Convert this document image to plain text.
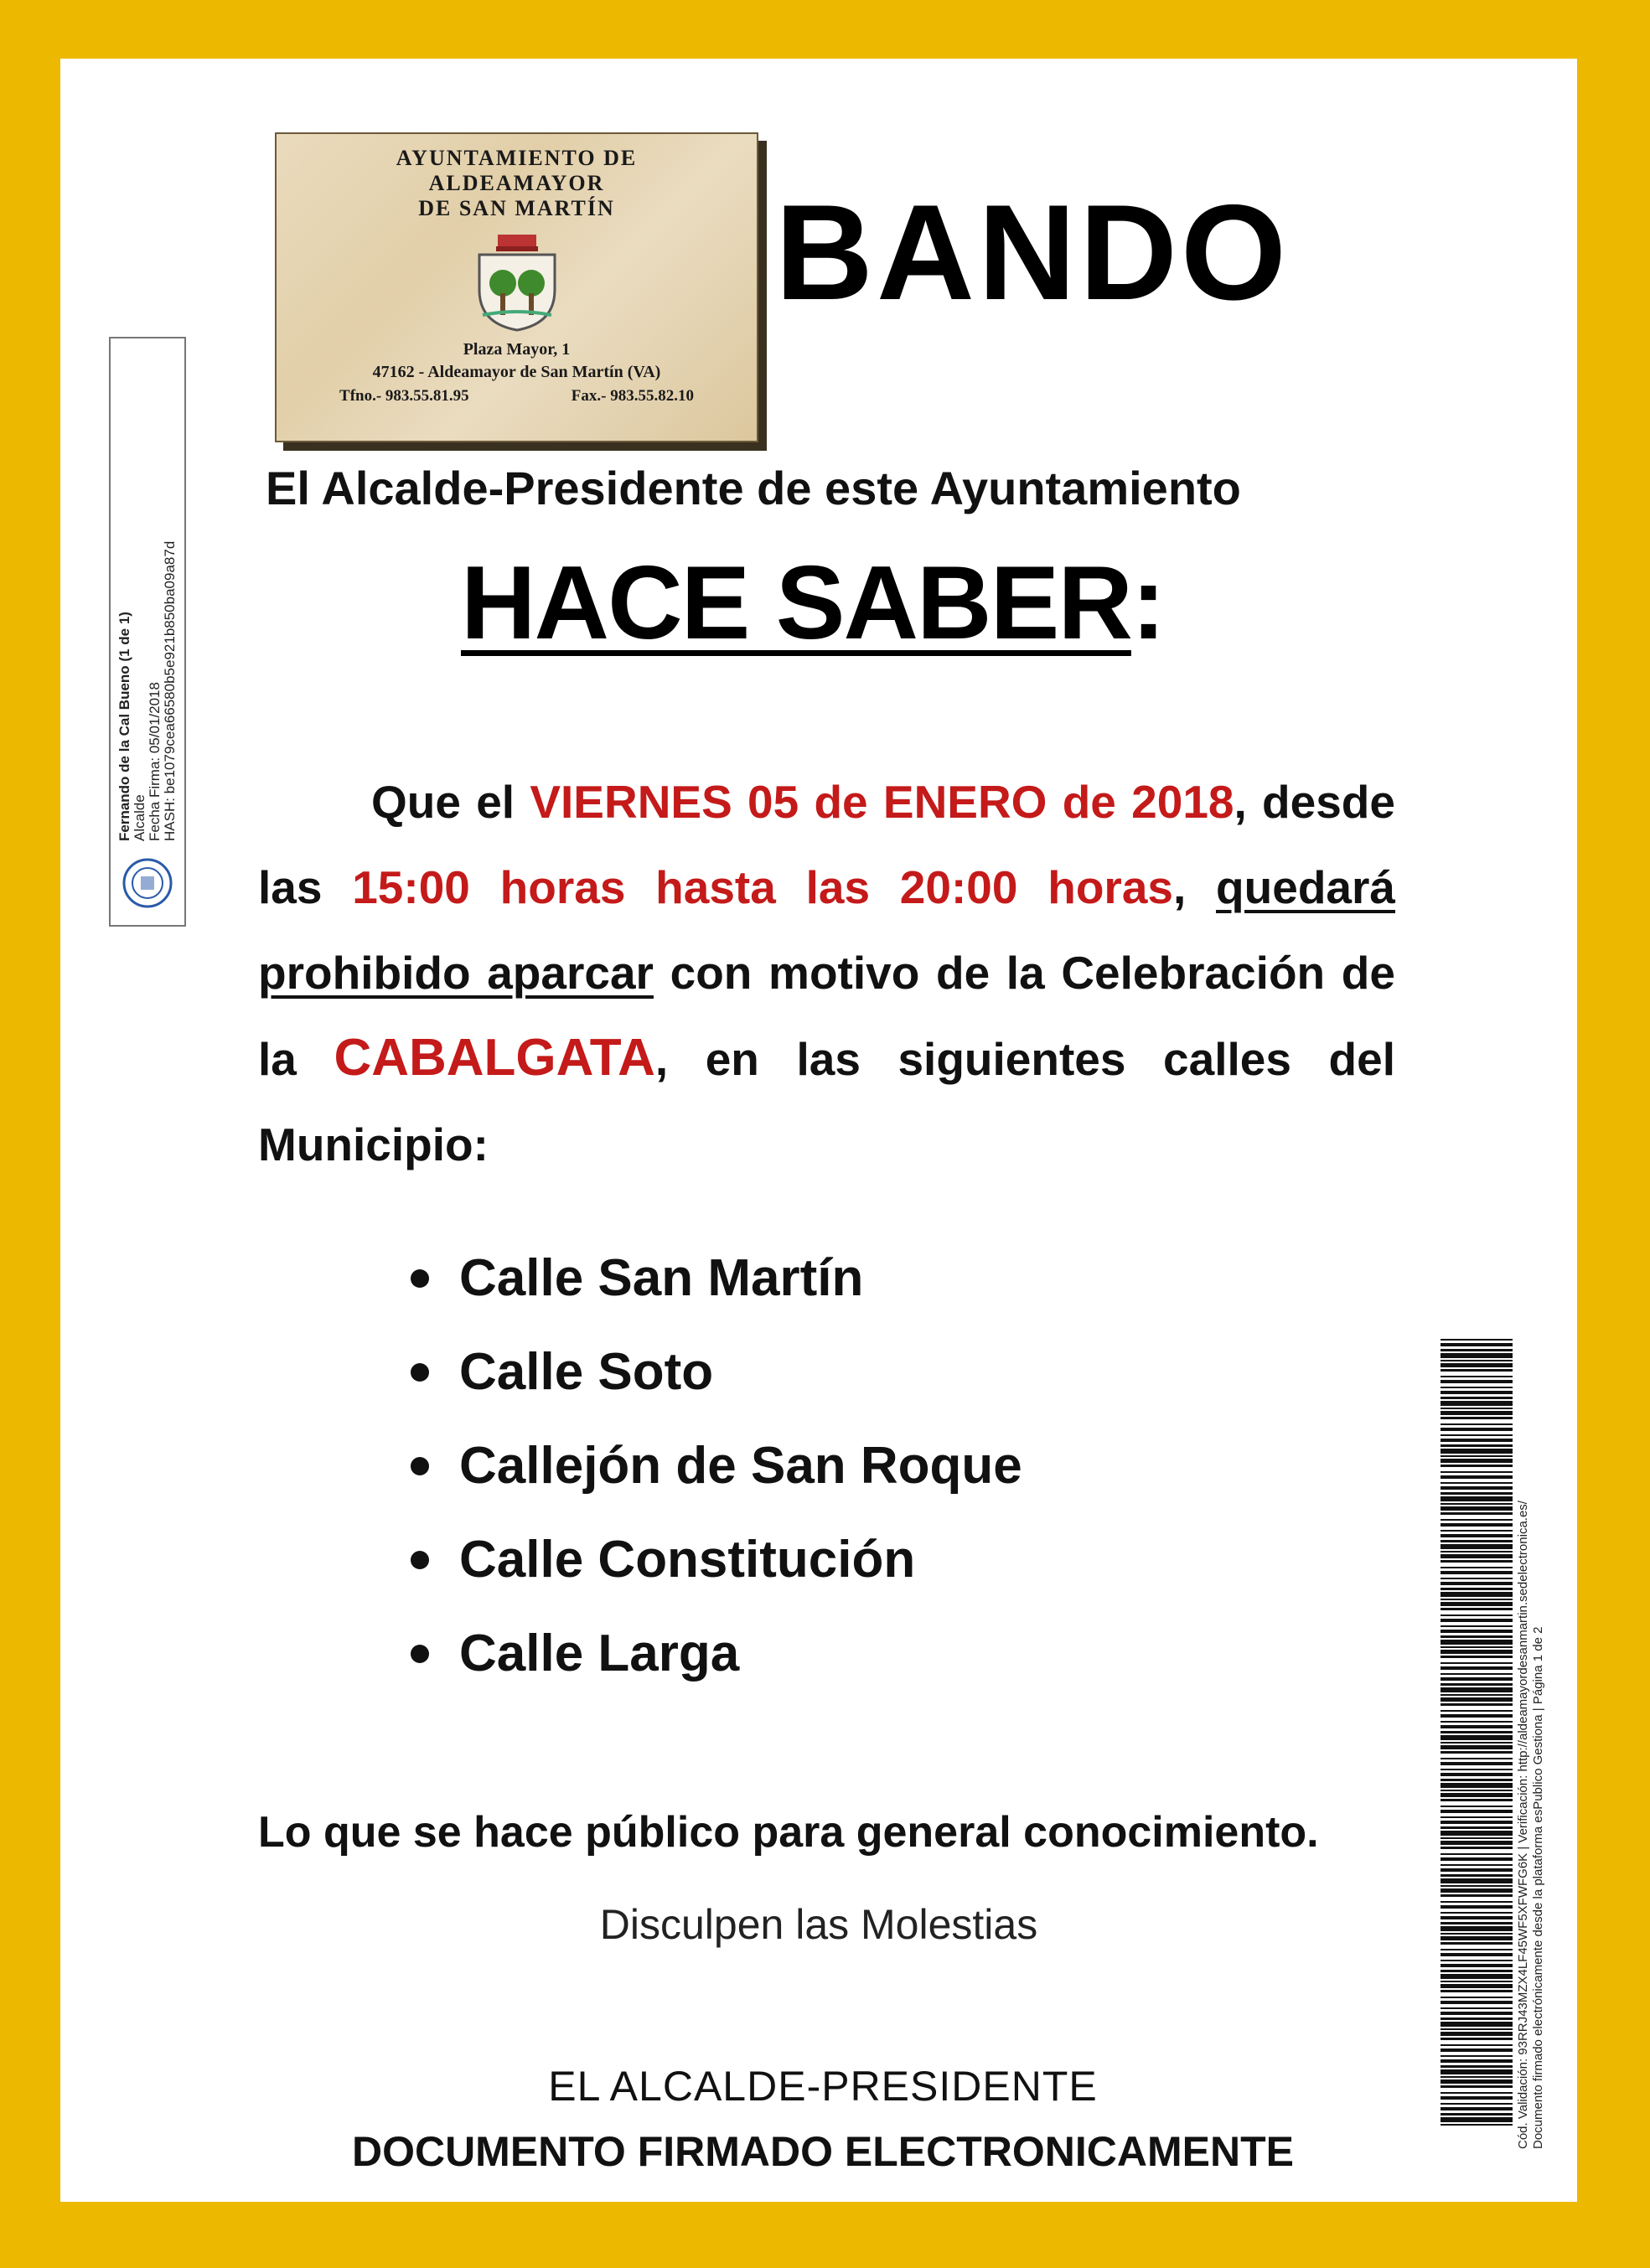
AYUNTAMIENTO DE
ALDEAMAYOR
DE SAN MARTÍN
Plaza Mayor, 1
47162 - Aldeamayor de San Martín (VA)
Tfno.- 983.55.81.95	Fax.- 983.55.82.10
BANDO
El Alcalde-Presidente de este Ayuntamiento
HACE SABER:
Que el VIERNES 05 de ENERO de 2018, desde las 15:00 horas hasta las 20:00 horas, quedará prohibido aparcar con motivo de la Celebración de la CABALGATA, en las siguientes calles del Municipio:
Calle San Martín
Calle Soto
Callejón de San Roque
Calle Constitución
Calle Larga
Lo que se hace público para general conocimiento.
Disculpen las Molestias
EL ALCALDE-PRESIDENTE
DOCUMENTO FIRMADO ELECTRONICAMENTE
Fernando de la Cal Bueno (1 de 1) Alcalde Fecha Firma: 05/01/2018 HASH: be1079cea66580b5e921b850ba09a87d
Cód. Validación: 93RRJ43MZX4LF45WF5XFWFG6K | Verificación: http://aldeamayordesanmartin.sedelectronica.es/ Documento firmado electrónicamente desde la plataforma esPublico Gestiona | Página 1 de 2
